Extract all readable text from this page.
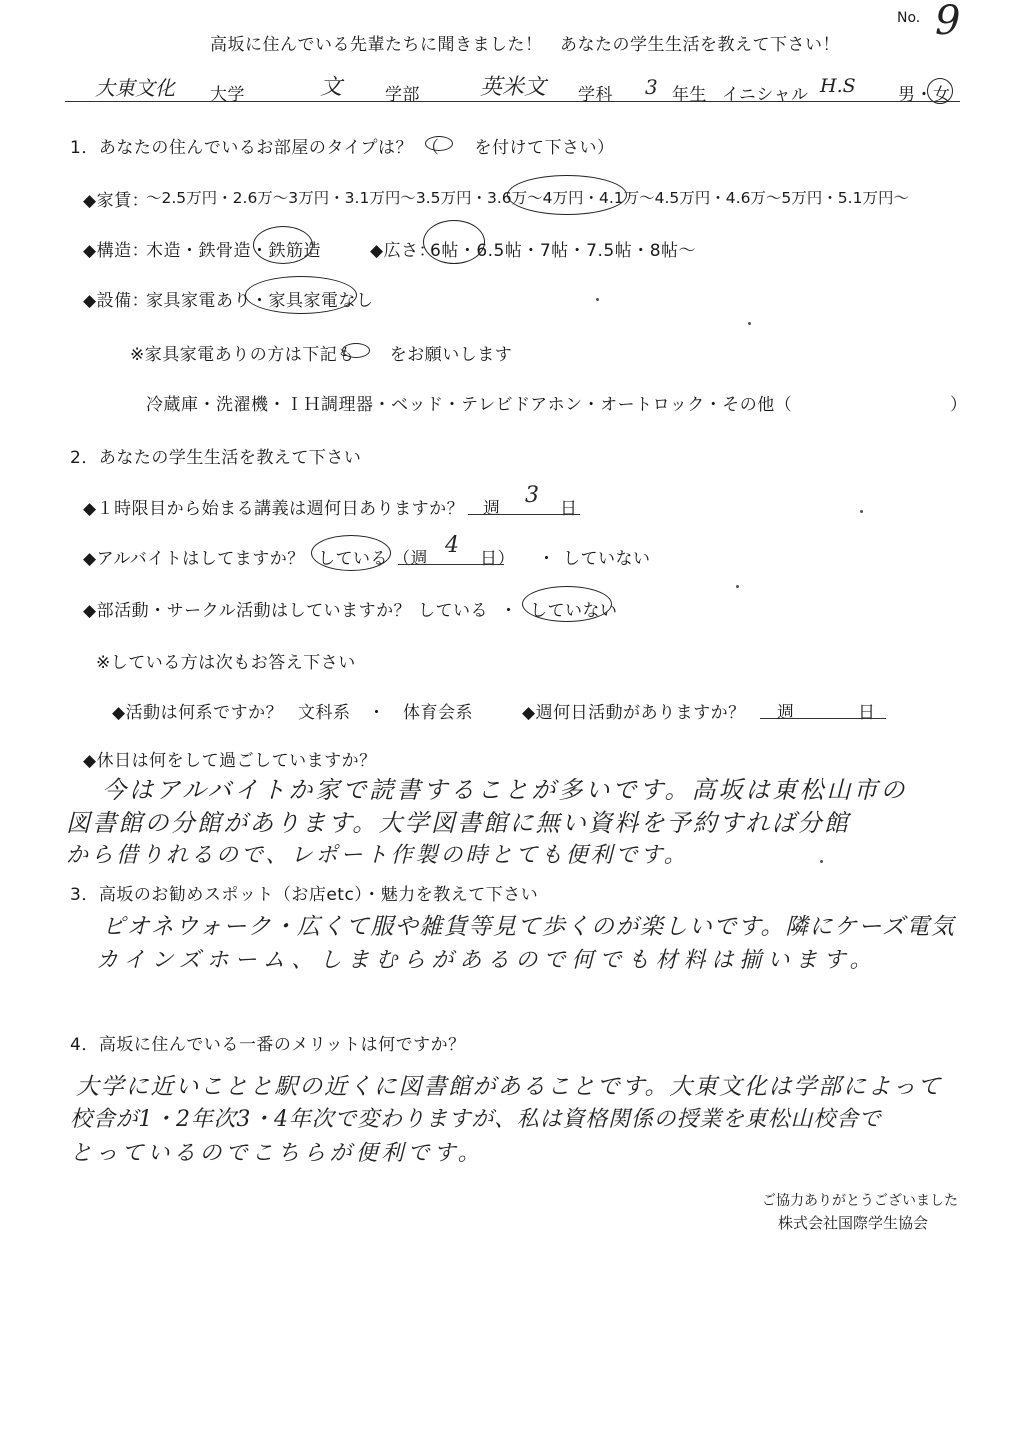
高坂に住んでいる先輩たちに聞きました！ あなたの学生生活を教えて下さい！
No. 9
大東文化 大学	文	学部	英米文 学科 3 年生 イニシャル H.S 男・女
1．あなたの住んでいるお部屋のタイプは？　（　　を付けて下さい）
◆家賃：
～2.5万円・2.6万～3万円・3.1万円～3.5万円・3.6万～4万円・4.1万～4.5万円・4.6万～5万円・5.1万円～
◆構造：
木造・鉄骨造・鉄筋造	◆広さ：
6帖・6.5帖・7帖・7.5帖・8帖～
◆設備：
家具家電あり・家具家電なし
※家具家電ありの方は下記も　　をお願いします
冷蔵庫・洗濯機・ＩＨ調理器・ベッド・テレビドアホン・オートロック・その他（	）
2．あなたの学生生活を教えて下さい
◆１時限目から始まる講義は週何日ありますか？ 週
3
日
◆アルバイトはしてますか？ している （週
4
日） ・ していない
◆部活動・サークル活動はしていますか？ している ・ していない
※している方は次もお答え下さい
◆活動は何系ですか？ 文科系　・　体育会系	◆週何日活動がありますか？ 週	日
◆休日は何をして過ごしていますか？
今はアルバイトか家で読書することが多いです。高坂は東松山市の
図書館の分館があります。大学図書館に無い資料を予約すれば分館
から借りれるので、レポート作製の時とても便利です。
3．高坂のお勧めスポット（お店etc）・魅力を教えて下さい
ピオネウォーク・広くて服や雑貨等見て歩くのが楽しいです。隣にケーズ電気
カインズホーム、しまむらがあるので何でも材料は揃います。
4．高坂に住んでいる一番のメリットは何ですか？
大学に近いことと駅の近くに図書館があることです。大東文化は学部によって
校舎が1・2年次3・4年次で変わりますが、私は資格関係の授業を東松山校舎で
とっているのでこちらが便利です。
ご協力ありがとうございました
株式会社国際学生協会
